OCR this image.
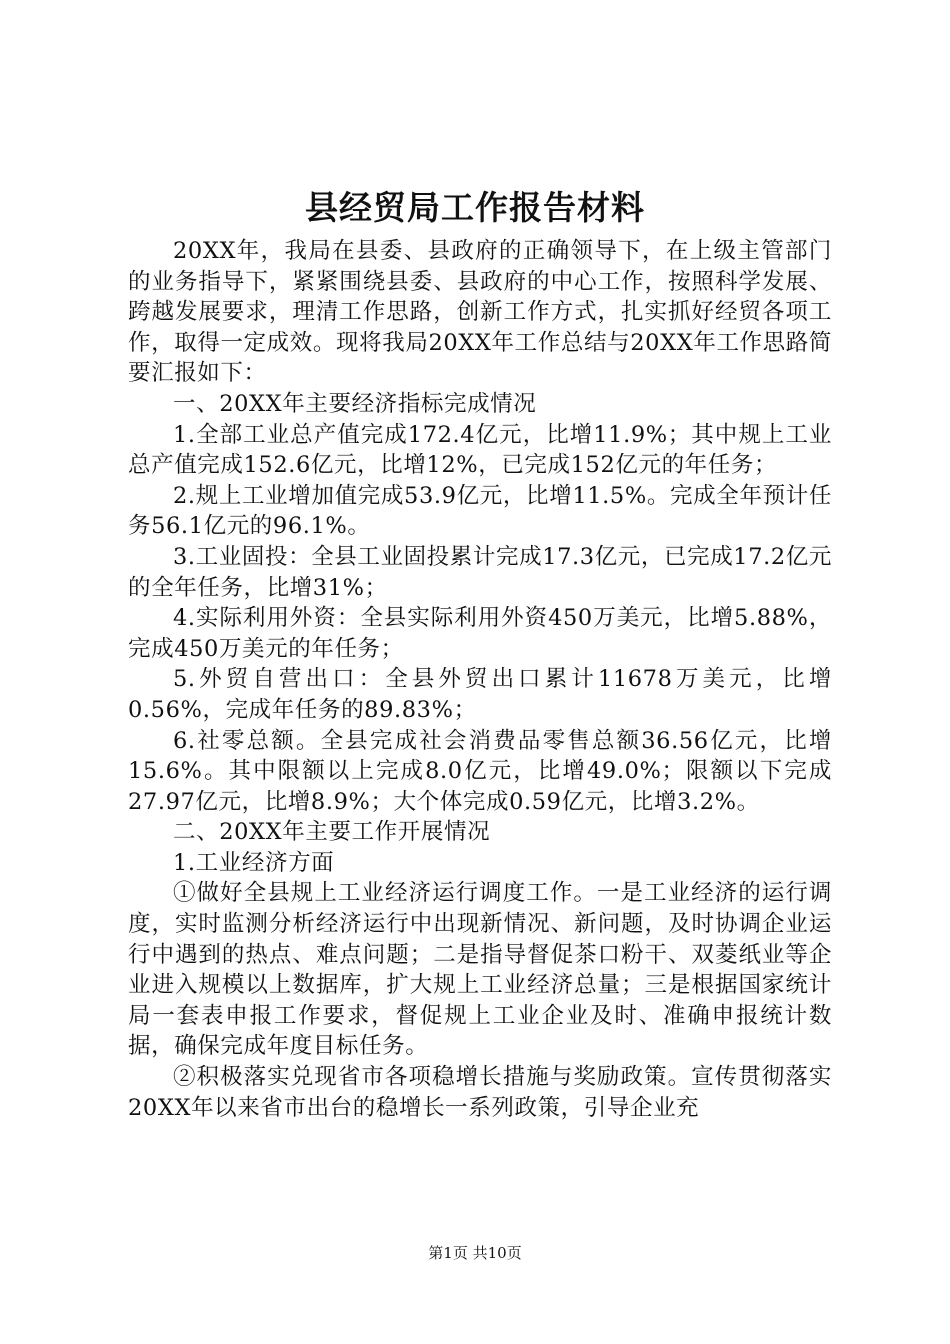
县经贸局工作报告材料

20XX年，我局在县委、县政府的正确领导下，在上级主管部门的业务指导下，紧紧围绕县委、县政府的中心工作，按照科学发展、跨越发展要求，理清工作思路，创新工作方式，扎实抓好经贸各项工作，取得一定成效。现将我局20XX年工作总结与20XX年工作思路简要汇报如下：

一、20XX年主要经济指标完成情况

1.全部工业总产值完成172.4亿元，比增11.9%；其中规上工业总产值完成152.6亿元，比增12%，已完成152亿元的年任务；

2.规上工业增加值完成53.9亿元，比增11.5%。完成全年预计任务56.1亿元的96.1%。

3.工业固投：全县工业固投累计完成17.3亿元，已完成17.2亿元的全年任务，比增31%；

4.实际利用外资：全县实际利用外资450万美元，比增5.88%，完成450万美元的年任务；

5.外贸自营出口：全县外贸出口累计11678万美元，比增0.56%，完成年任务的89.83%；

6.社零总额。全县完成社会消费品零售总额36.56亿元，比增15.6%。其中限额以上完成8.0亿元，比增49.0%；限额以下完成27.97亿元，比增8.9%；大个体完成0.59亿元，比增3.2%。

二、20XX年主要工作开展情况

1.工业经济方面

①做好全县规上工业经济运行调度工作。一是工业经济的运行调度，实时监测分析经济运行中出现新情况、新问题，及时协调企业运行中遇到的热点、难点问题；二是指导督促茶口粉干、双菱纸业等企业进入规模以上数据库，扩大规上工业经济总量；三是根据国家统计局一套表申报工作要求，督促规上工业企业及时、准确申报统计数据，确保完成年度目标任务。

②积极落实兑现省市各项稳增长措施与奖励政策。宣传贯彻落实20XX年以来省市出台的稳增长一系列政策，引导企业充

第1页 共10页
